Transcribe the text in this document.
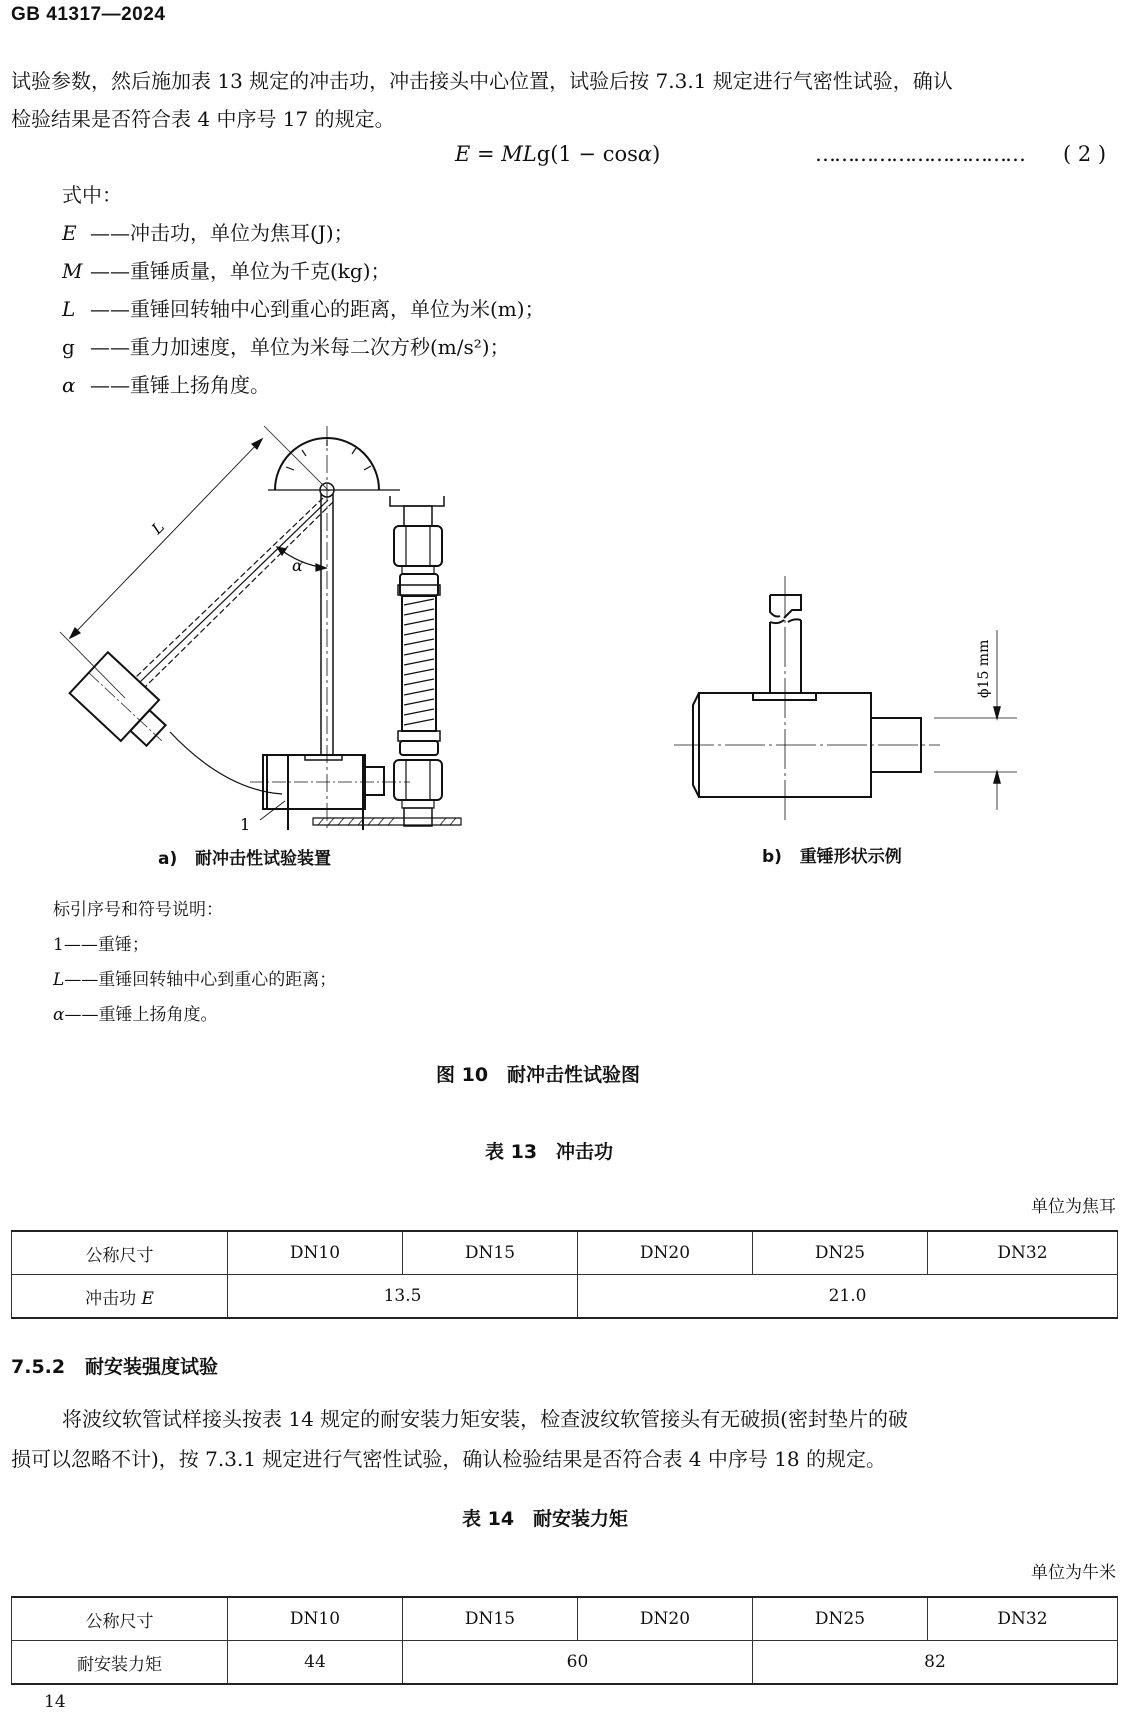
GB 41317—2024
试验参数，然后施加表 13 规定的冲击功，冲击接头中心位置，试验后按 7.3.1 规定进行气密性试验，确认
检验结果是否符合表 4 中序号 17 的规定。
E = MLg(1 − cosα)	…………………………… ( 2 )
式中：
E ——冲击功，单位为焦耳(J)；
M ——重锤质量，单位为千克(kg)；
L ——重锤回转轴中心到重心的距离，单位为米(m)；
g ——重力加速度，单位为米每二次方秒(m/s²)；
α ——重锤上扬角度。
L
α
1
ϕ15 mm
a) 耐冲击性试验装置	b) 重锤形状示例
标引序号和符号说明：
1——重锤；
L——重锤回转轴中心到重心的距离；
α——重锤上扬角度。
图 10　耐冲击性试验图
表 13　冲击功
单位为焦耳
公称尺寸	DN10	DN15	DN20	DN25	DN32
冲击功 E	13.5		21.0		
7.5.2 耐安装强度试验
将波纹软管试样接头按表 14 规定的耐安装力矩安装，检查波纹软管接头有无破损(密封垫片的破
损可以忽略不计)，按 7.3.1 规定进行气密性试验，确认检验结果是否符合表 4 中序号 18 的规定。
表 14　耐安装力矩
单位为牛米
公称尺寸	DN10	DN15	DN20	DN25	DN32
耐安装力矩	44	60		82	
14
